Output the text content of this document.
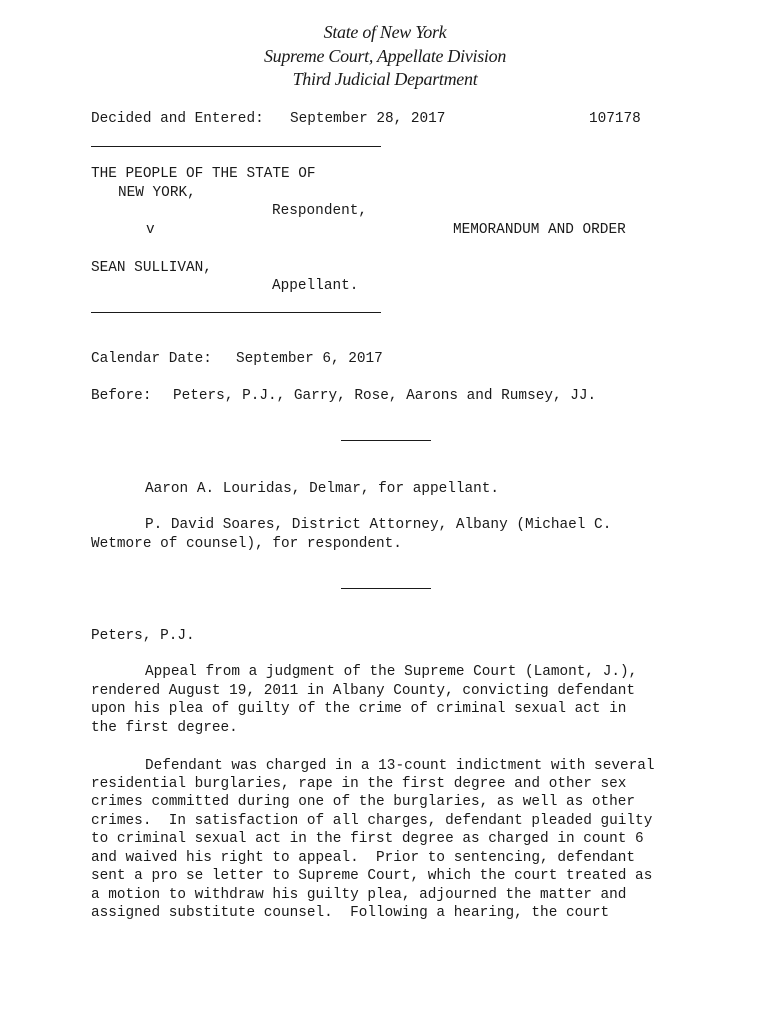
State of New York
Supreme Court, Appellate Division
Third Judicial Department
Decided and Entered: September 28, 2017	107178
THE PEOPLE OF THE STATE OF
NEW YORK,
Respondent,
v	MEMORANDUM AND ORDER
SEAN SULLIVAN,
Appellant.
Calendar Date: September 6, 2017
Before: Peters, P.J., Garry, Rose, Aarons and Rumsey, JJ.
Aaron A. Louridas, Delmar, for appellant.
P. David Soares, District Attorney, Albany (Michael C.
Wetmore of counsel), for respondent.
Peters, P.J.
Appeal from a judgment of the Supreme Court (Lamont, J.),
rendered August 19, 2011 in Albany County, convicting defendant
upon his plea of guilty of the crime of criminal sexual act in
the first degree.
Defendant was charged in a 13-count indictment with several
residential burglaries, rape in the first degree and other sex
crimes committed during one of the burglaries, as well as other
crimes.  In satisfaction of all charges, defendant pleaded guilty
to criminal sexual act in the first degree as charged in count 6
and waived his right to appeal.  Prior to sentencing, defendant
sent a pro se letter to Supreme Court, which the court treated as
a motion to withdraw his guilty plea, adjourned the matter and
assigned substitute counsel.  Following a hearing, the court
